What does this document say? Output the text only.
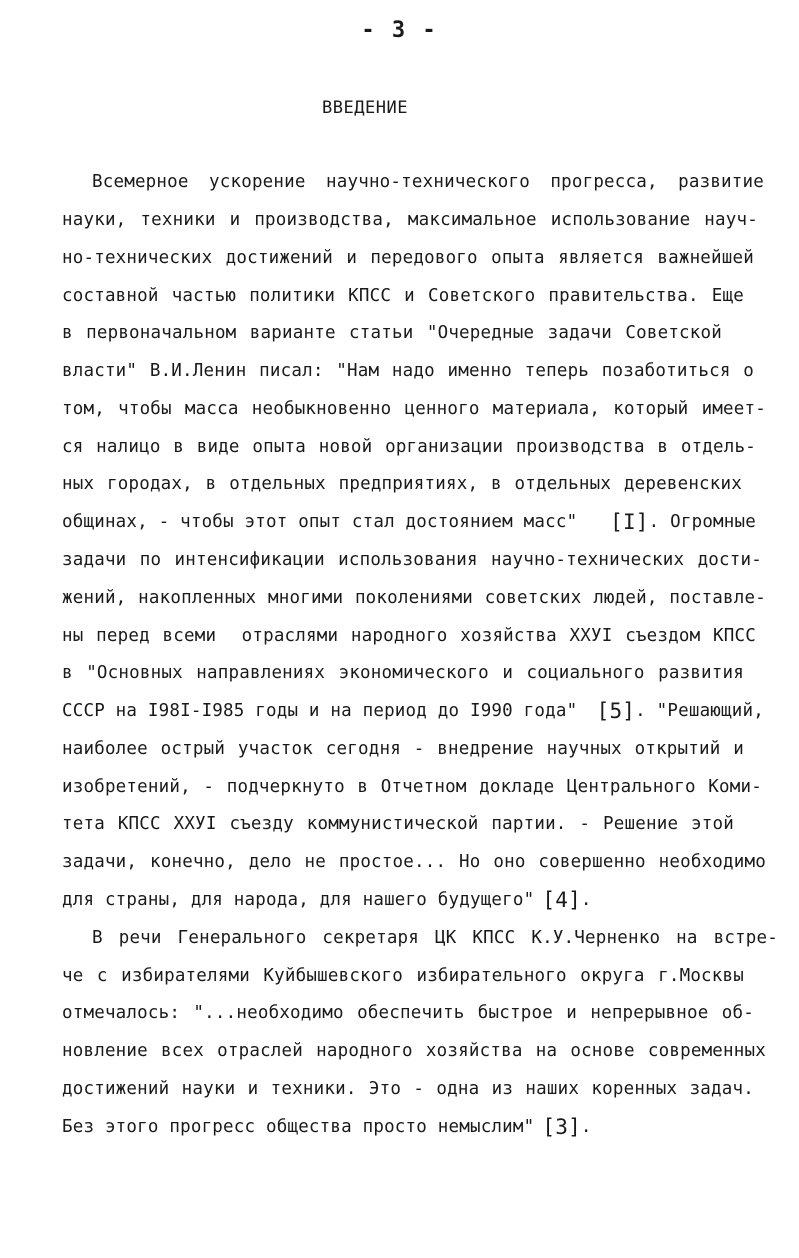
- 3 -
ВВЕДЕНИЕ
Всемерное ускорение научно-технического прогресса, развитие
науки, техники и производства, максимальное использование науч-
но-технических достижений и передового опыта является важнейшей
составной частью политики КПСС и Советского правительства. Еще
в первоначальном варианте статьи "Очередные задачи Советской
власти" В.И.Ленин писал: "Нам надо именно теперь позаботиться о
том, чтобы масса необыкновенно ценного материала, который имеет-
ся налицо в виде опыта новой организации производства в отдель-
ных городах, в отдельных предприятиях, в отдельных деревенских
общинах, - чтобы этот опыт стал достоянием масс" [I]. Огромные
задачи по интенсификации использования научно-технических дости-
жений, накопленных многими поколениями советских людей, поставле-
ны перед всеми  отраслями народного хозяйства ХХУI съездом КПСС
в "Основных направлениях экономического и социального развития
СССР на I98I-I985 годы и на период до I990 года" [5]. "Решающий,
наиболее острый участок сегодня - внедрение научных открытий и
изобретений, - подчеркнуто в Отчетном докладе Центрального Коми-
тета КПСС ХХУI съезду коммунистической партии. - Решение этой
задачи, конечно, дело не простое... Но оно совершенно необходимо
для страны, для народа, для нашего будущего" [4].
В речи Генерального секретаря ЦК КПСС К.У.Черненко на встре-
че с избирателями Куйбышевского избирательного округа г.Москвы
отмечалось: "...необходимо обеспечить быстрое и непрерывное об-
новление всех отраслей народного хозяйства на основе современных
достижений науки и техники. Это - одна из наших коренных задач.
Без этого прогресс общества просто немыслим" [3].
